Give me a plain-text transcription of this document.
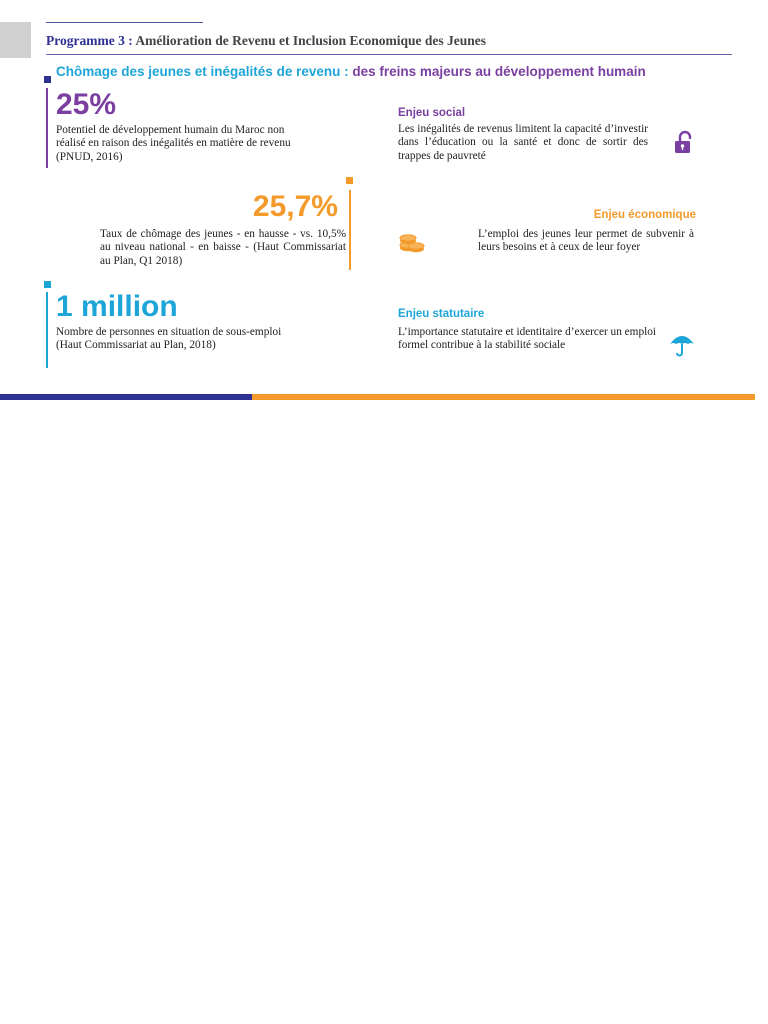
Programme 3 : Amélioration de Revenu et Inclusion Economique des Jeunes
Chômage des jeunes et inégalités de revenu : des freins majeurs au développement humain
25%
Potentiel de développement humain du Maroc non réalisé en raison des inégalités en matière de revenu (PNUD, 2016)
Enjeu social
Les inégalités de revenus limitent la capacité d’investir dans l’éducation ou la santé et donc de sortir des trappes de pauvreté
25,7%
Taux de chômage des jeunes - en hausse - vs. 10,5% au niveau national - en baisse - (Haut Commissariat au Plan, Q1 2018)
Enjeu économique
L’emploi des jeunes leur permet de subvenir à leurs besoins et à ceux de leur foyer
1 million
Nombre de personnes en situation de sous-emploi
(Haut Commissariat au Plan, 2018)
Enjeu statutaire
L’importance statutaire et identitaire d’exercer un emploi formel contribue à la stabilité sociale
